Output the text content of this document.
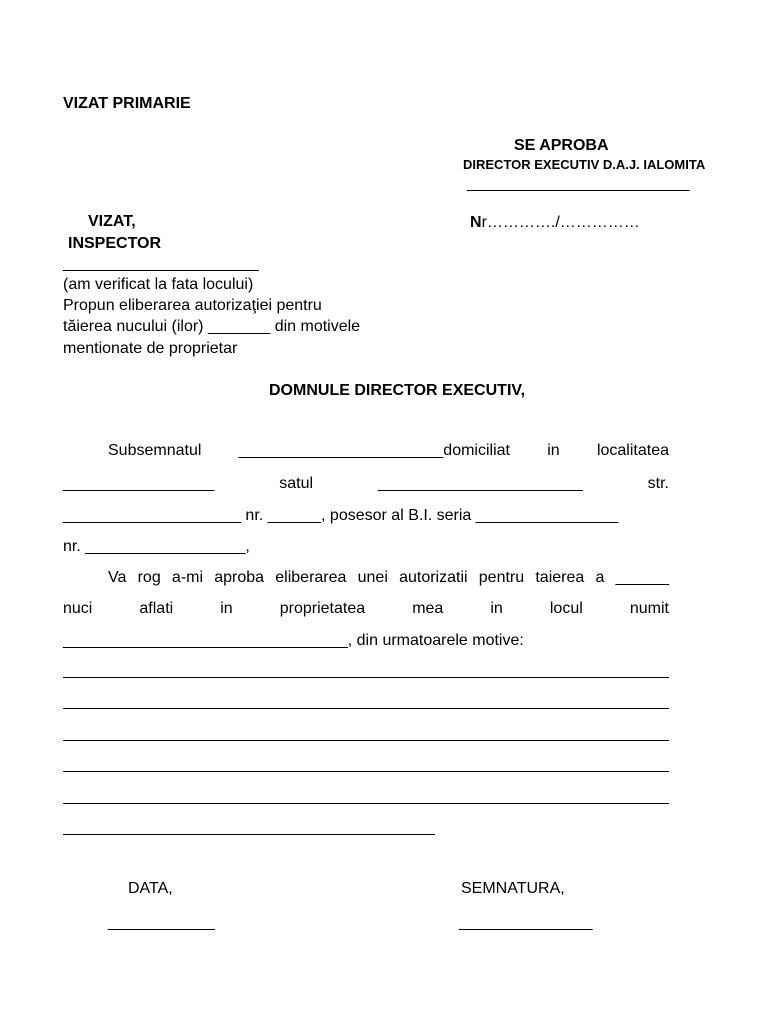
VIZAT PRIMARIE
SE APROBA
DIRECTOR EXECUTIV D.A.J. IALOMITA
_________________________
VIZAT,
INSPECTOR
Nr…………./……………
______________________
(am verificat la fata locului)
Propun eliberarea autorizaţiei pentru
tăierea nucului (ilor) _______ din motivele
mentionate de proprietar
DOMNULE DIRECTOR EXECUTIV,
Subsemnatul _______________________domiciliat in localitatea
_________________	satul	_______________________	str.
____________________ nr. ______, posesor al B.I. seria ________________
nr. __________________,
Va rog a-mi aproba eliberarea unei autorizatii pentru taierea a ______
nuci	aflati	in	proprietatea	mea	in	locul	numit
________________________________, din urmatoarele motive:
DATA,
____________
SEMNATURA,
_______________
